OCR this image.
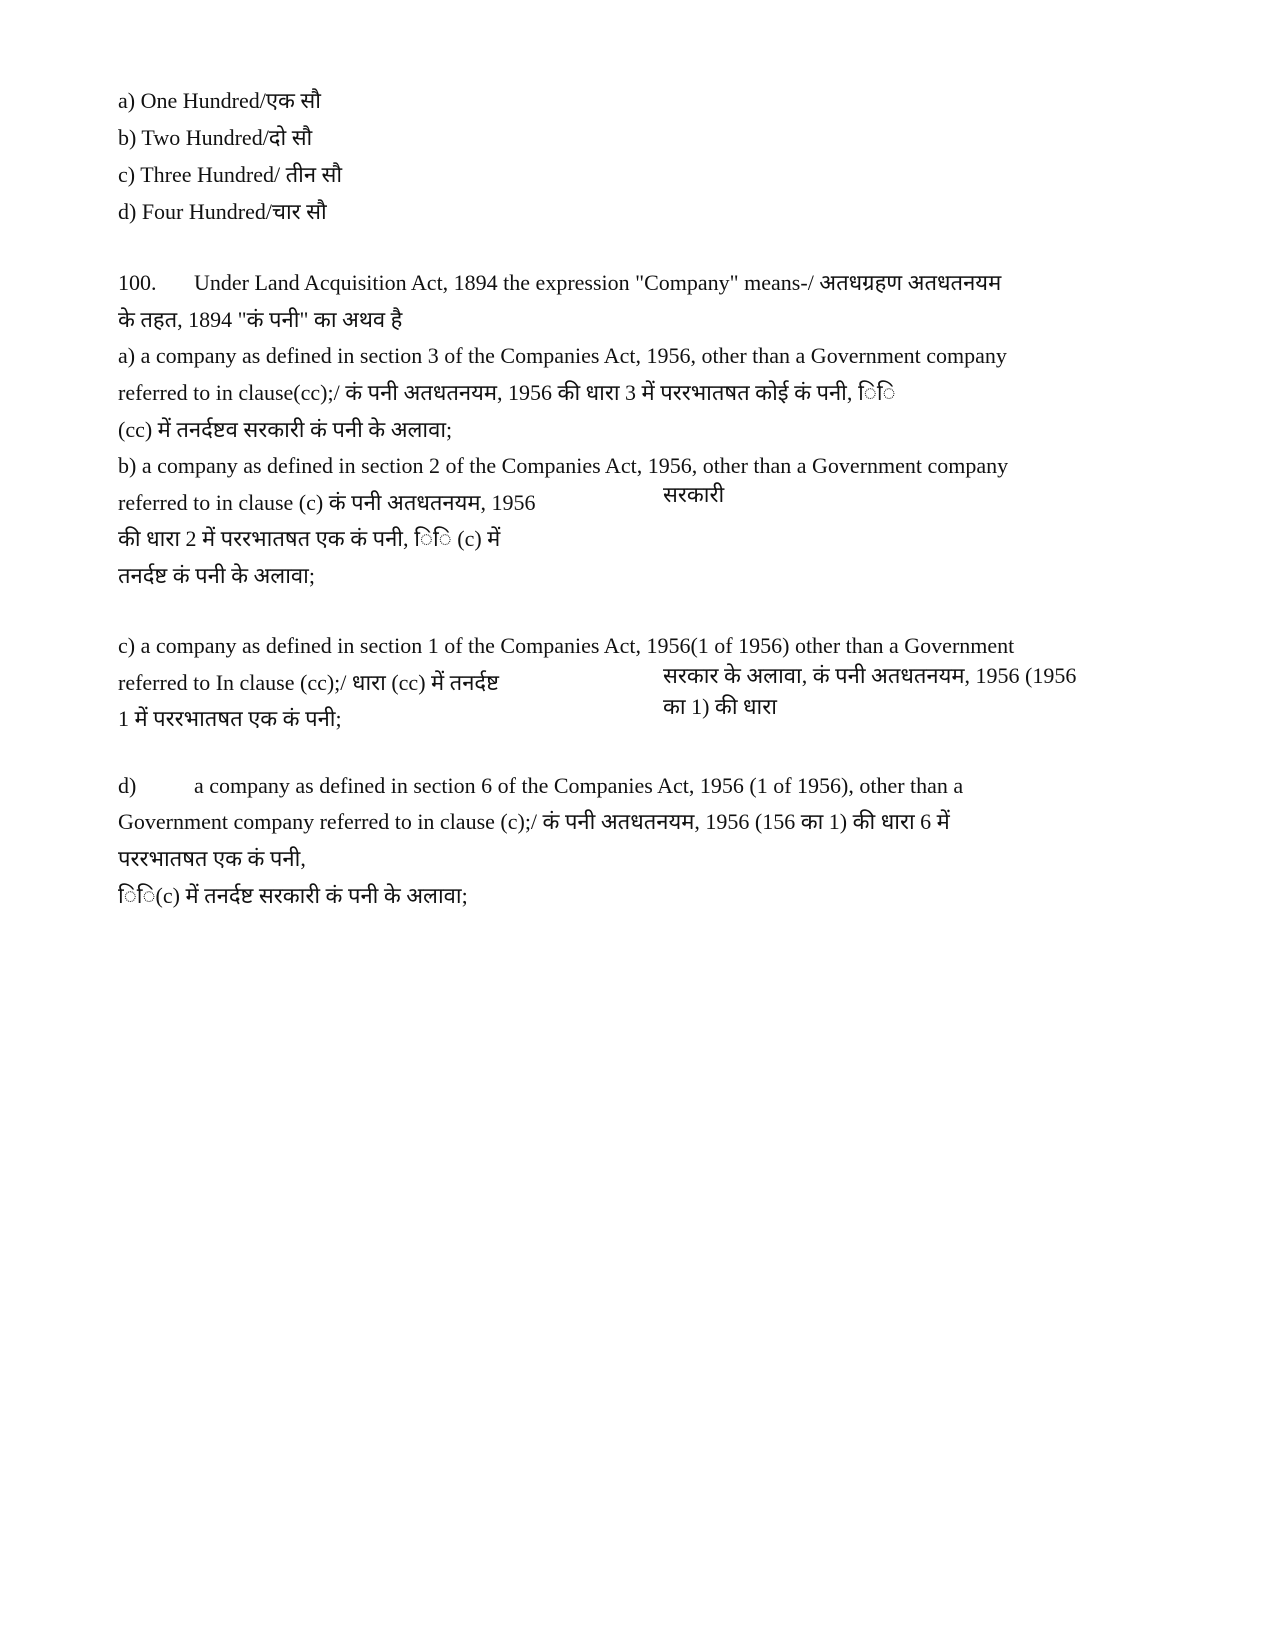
a) One Hundred/एक सौ
b) Two Hundred/दो सौ
c) Three Hundred/ तीन सौ
d) Four Hundred/चार सौ
100. Under Land Acquisition Act, 1894 the expression "Company" means-/ अतधग्रहण अतधतनयम
के तहत, 1894 "कं पनी" का अथव है
a) a company as defined in section 3 of the Companies Act, 1956, other than a Government company
referred to in clause(cc);/ कं पनी अतधतनयम, 1956 की धारा 3 में पररभातषत कोई कं पनी, ि​ि
(cc) में तनर्दष्टव सरकारी कं पनी के अलावा;
b) a company as defined in section 2 of the Companies Act, 1956, other than a Government company
referred to in clause (c) कं पनी अतधतनयम, 1956	सरकारी
की धारा 2 में पररभातषत एक कं पनी, ि​ि (c) में
तनर्दष्ट कं पनी के अलावा;
c) a company as defined in section 1 of the Companies Act, 1956(1 of 1956) other than a Government
referred to In clause (cc);/ धारा (cc) में तनर्दष्ट	सरकार के अलावा, कं पनी अतधतनयम, 1956 (1956
1 में पररभातषत एक कं पनी;	का 1) की धारा
d)	a company as defined in section 6 of the Companies Act, 1956 (1 of 1956), other than a
Government company referred to in clause (c);/ कं पनी अतधतनयम, 1956 (156 का 1) की धारा 6 में
पररभातषत एक कं पनी,
ि​ि(c) में तनर्दष्ट सरकारी कं पनी के अलावा;
